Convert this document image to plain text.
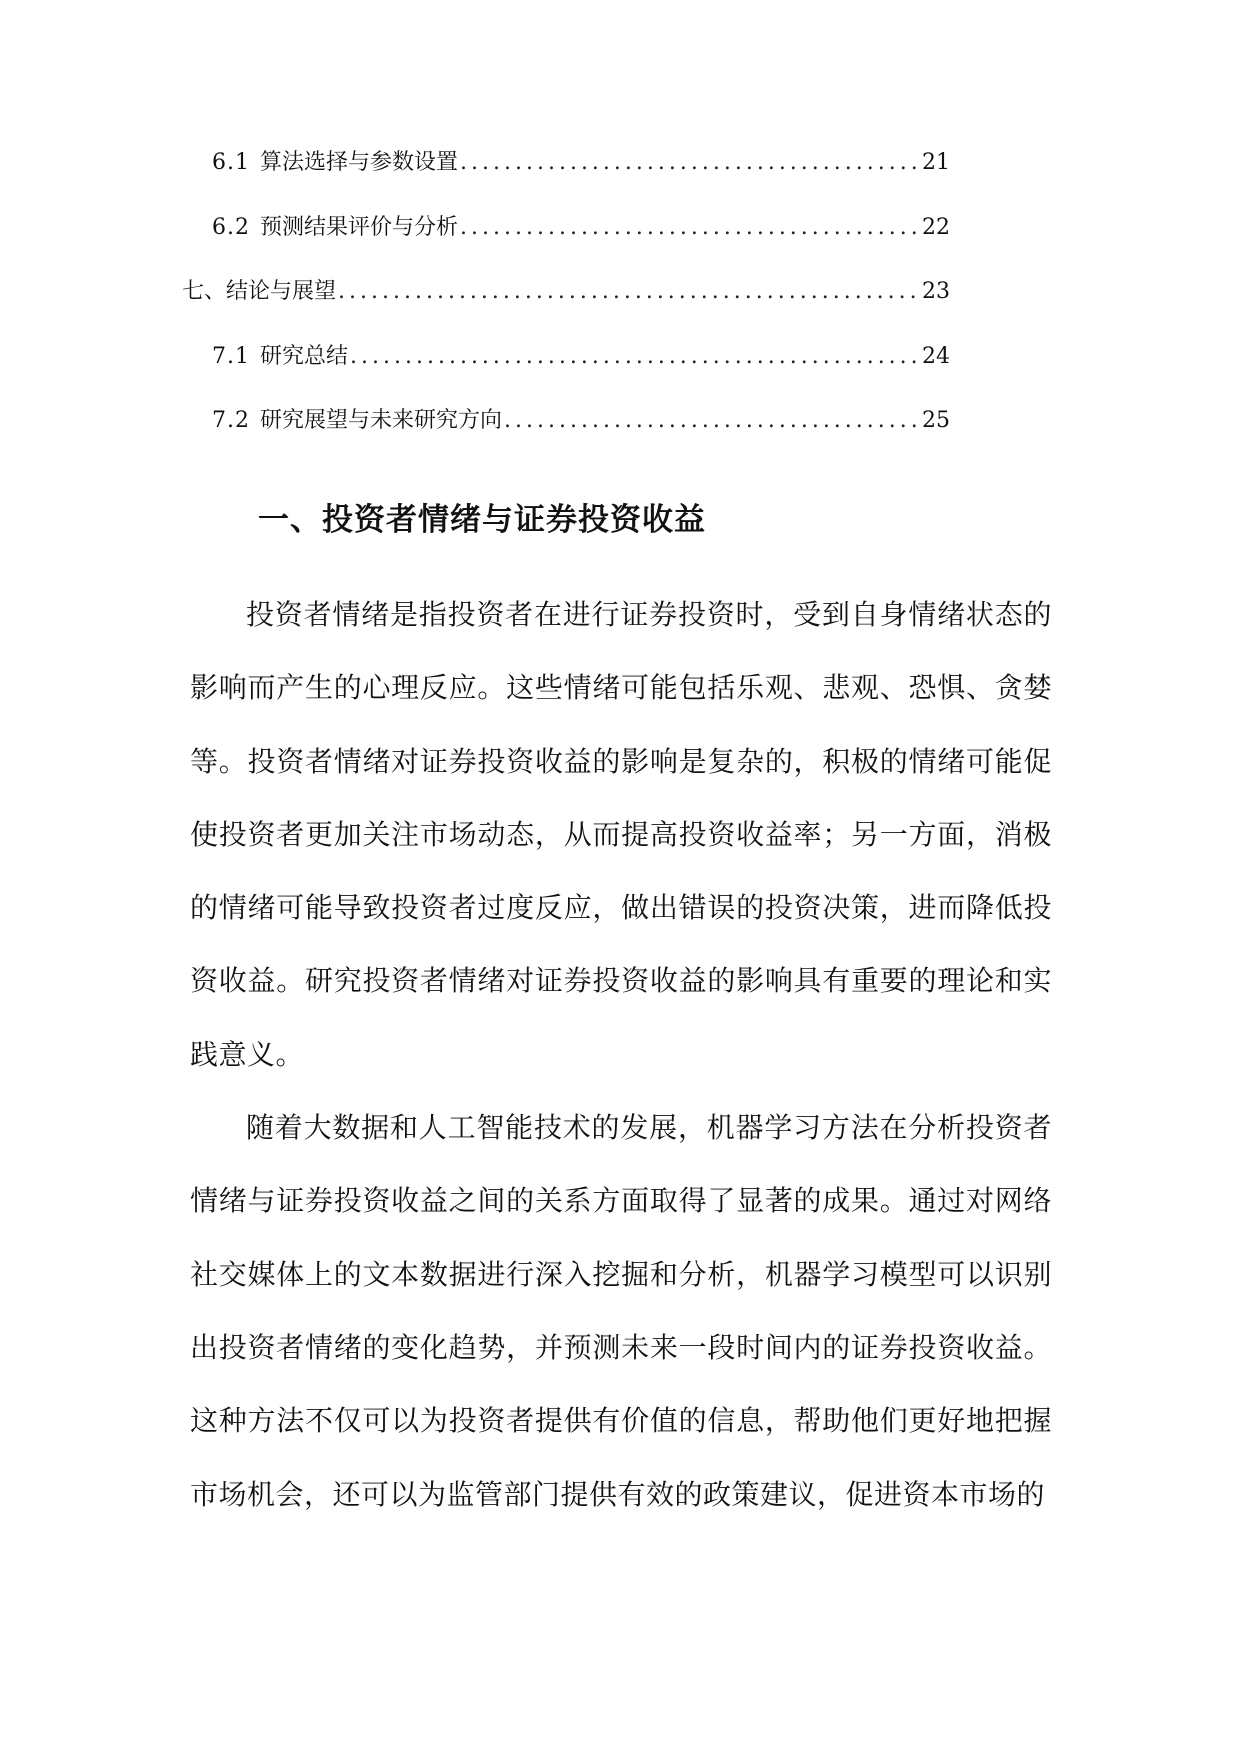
6.1 算法选择与参数设置 .....	21
6.2 预测结果评价与分析 .....	22
七、结论与展望 .....	23
7.1 研究总结 .....	24
7.2 研究展望与未来研究方向 .....	25
一、投资者情绪与证券投资收益

投资者情绪是指投资者在进行证券投资时，受到自身情绪状态的影响而产生的心理反应。这些情绪可能包括乐观、悲观、恐惧、贪婪等。投资者情绪对证券投资收益的影响是复杂的，积极的情绪可能促使投资者更加关注市场动态，从而提高投资收益率；另一方面，消极的情绪可能导致投资者过度反应，做出错误的投资决策，进而降低投资收益。研究投资者情绪对证券投资收益的影响具有重要的理论和实践意义。

随着大数据和人工智能技术的发展，机器学习方法在分析投资者情绪与证券投资收益之间的关系方面取得了显著的成果。通过对网络社交媒体上的文本数据进行深入挖掘和分析，机器学习模型可以识别出投资者情绪的变化趋势，并预测未来一段时间内的证券投资收益。这种方法不仅可以为投资者提供有价值的信息，帮助他们更好地把握市场机会，还可以为监管部门提供有效的政策建议，促进资本市场的
